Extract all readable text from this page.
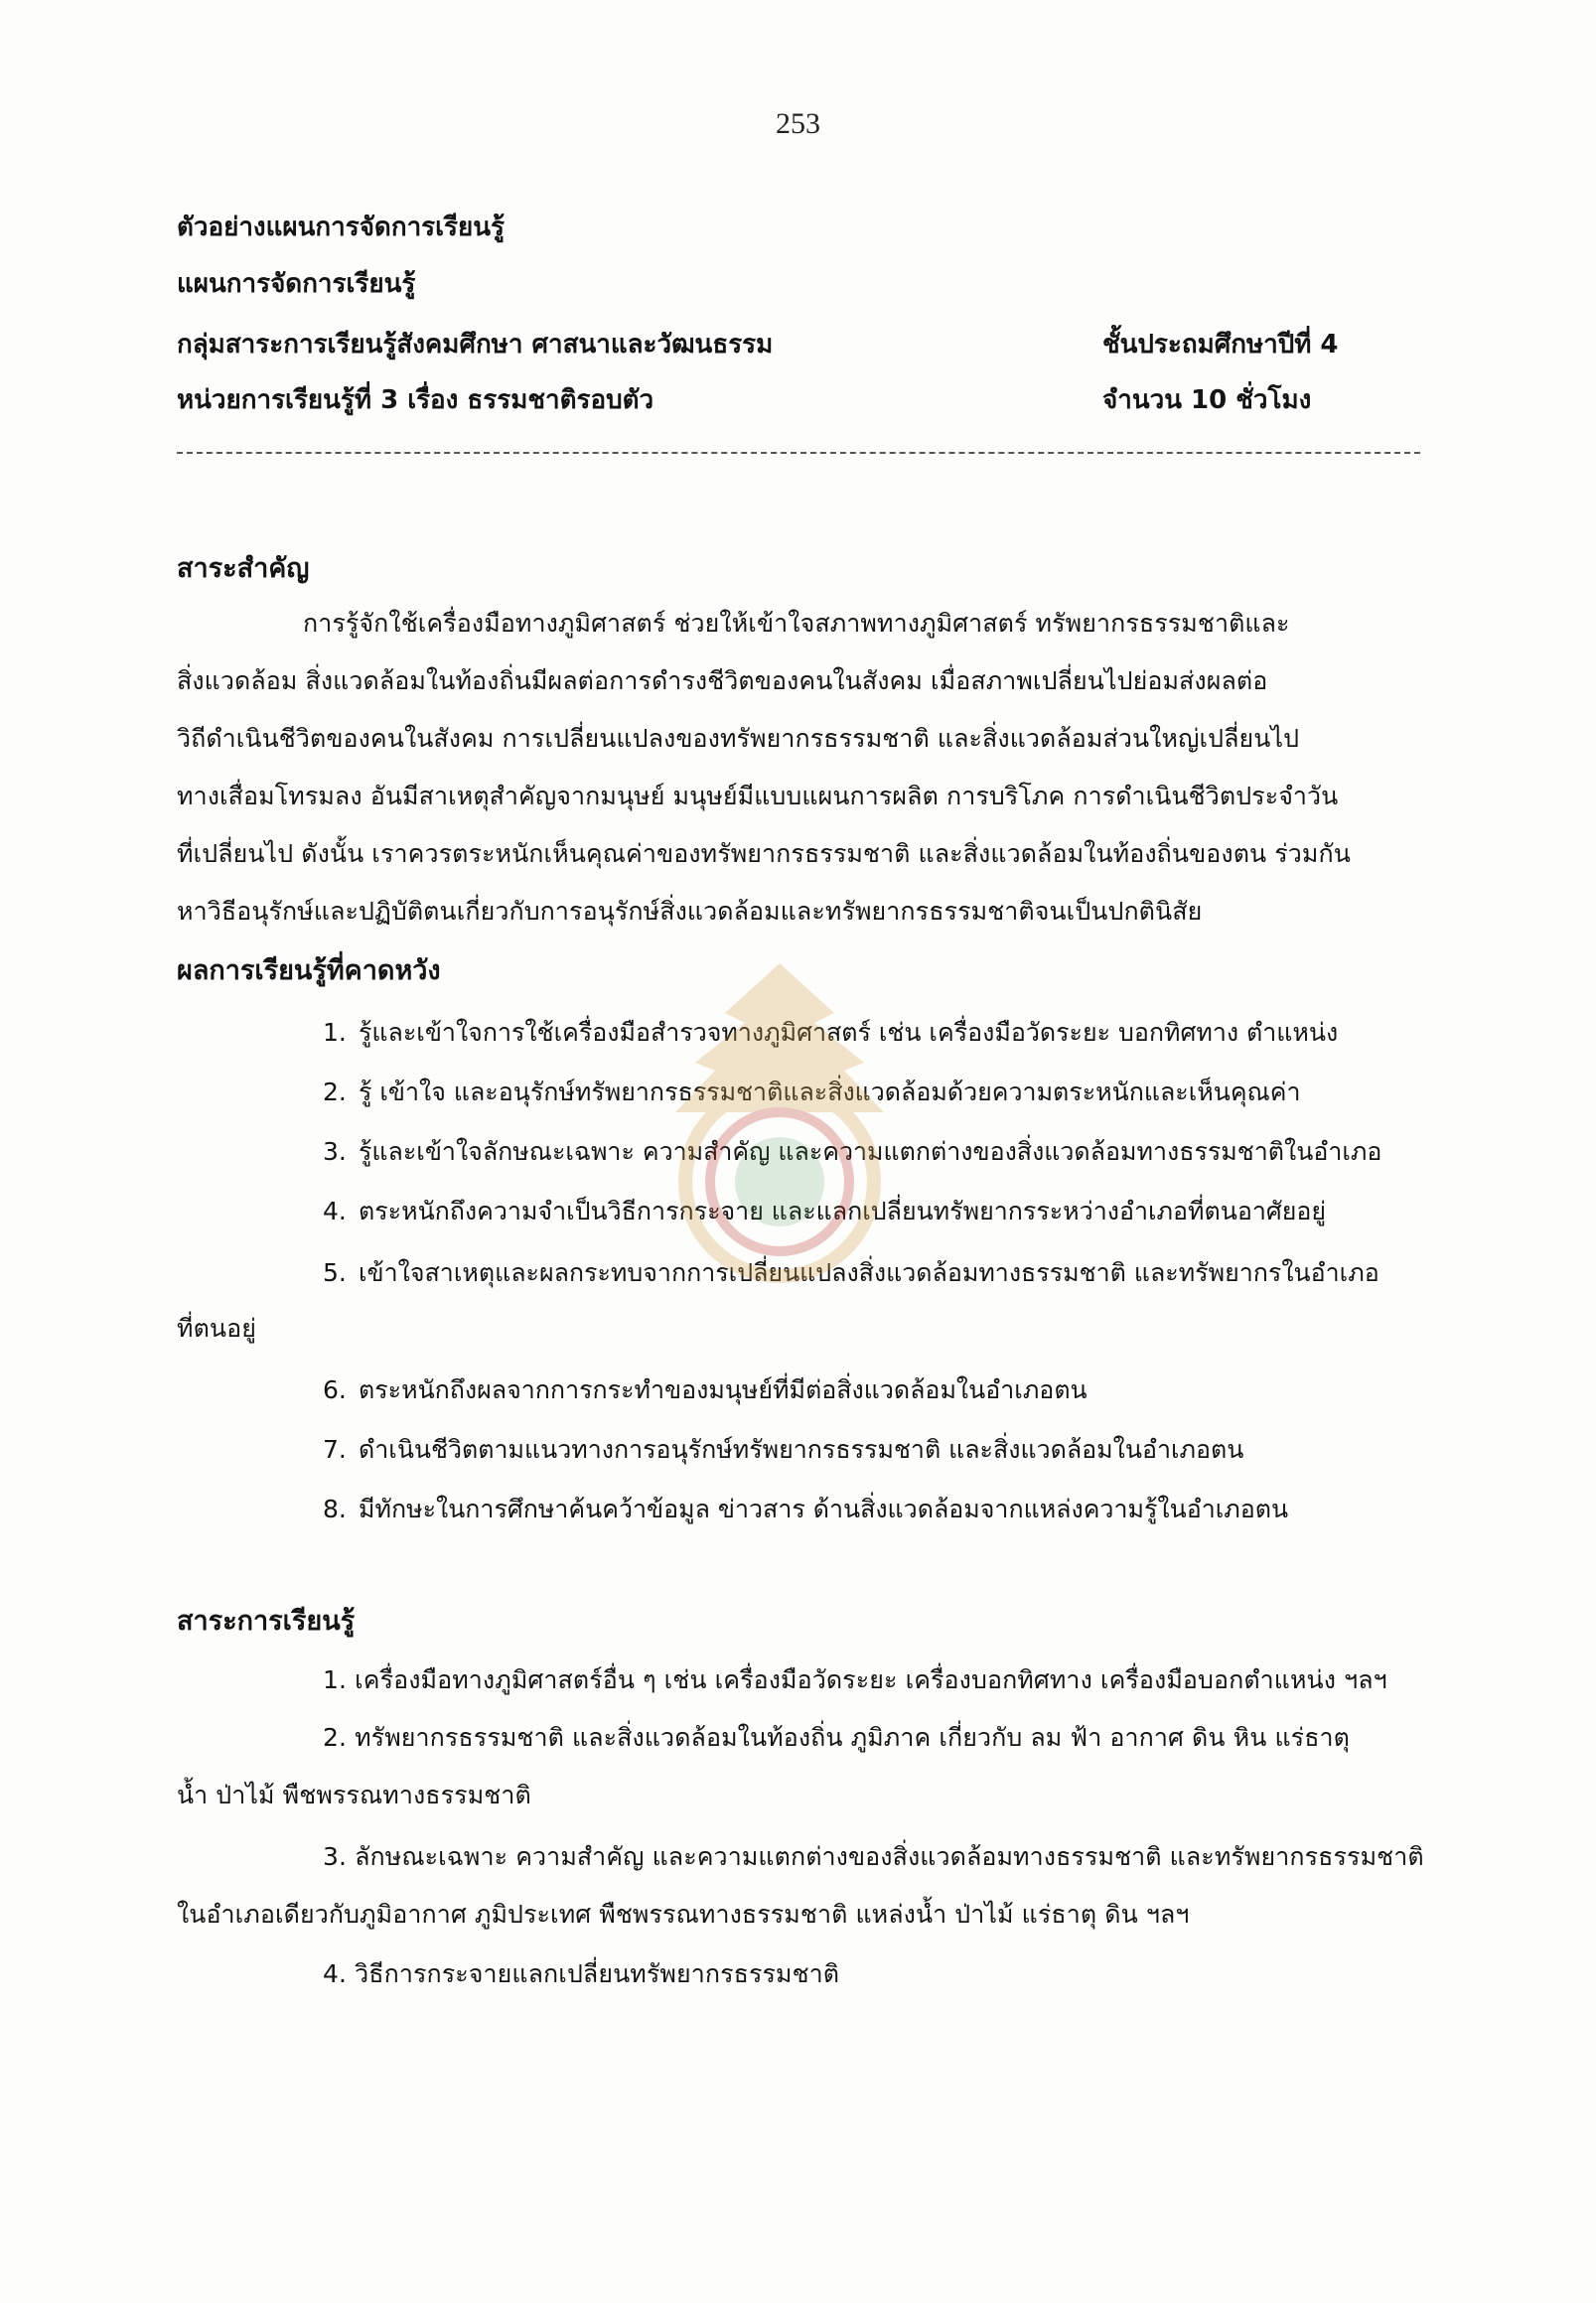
253
ตัวอย่างแผนการจัดการเรียนรู้
แผนการจัดการเรียนรู้
กลุ่มสาระการเรียนรู้สังคมศึกษา ศาสนาและวัฒนธรรม	ชั้นประถมศึกษาปีที่ 4
หน่วยการเรียนรู้ที่ 3 เรื่อง ธรรมชาติรอบตัว	จำนวน 10 ชั่วโมง
สาระสำคัญ
การรู้จักใช้เครื่องมือทางภูมิศาสตร์ ช่วยให้เข้าใจสภาพทางภูมิศาสตร์ ทรัพยากรธรรมชาติและ
สิ่งแวดล้อม สิ่งแวดล้อมในท้องถิ่นมีผลต่อการดำรงชีวิตของคนในสังคม เมื่อสภาพเปลี่ยนไปย่อมส่งผลต่อ
วิถีดำเนินชีวิตของคนในสังคม การเปลี่ยนแปลงของทรัพยากรธรรมชาติ และสิ่งแวดล้อมส่วนใหญ่เปลี่ยนไป
ทางเสื่อมโทรมลง อันมีสาเหตุสำคัญจากมนุษย์ มนุษย์มีแบบแผนการผลิต การบริโภค การดำเนินชีวิตประจำวัน
ที่เปลี่ยนไป ดังนั้น เราควรตระหนักเห็นคุณค่าของทรัพยากรธรรมชาติ และสิ่งแวดล้อมในท้องถิ่นของตน ร่วมกัน
หาวิธีอนุรักษ์และปฏิบัติตนเกี่ยวกับการอนุรักษ์สิ่งแวดล้อมและทรัพยากรธรรมชาติจนเป็นปกตินิสัย
ผลการเรียนรู้ที่คาดหวัง
1. รู้และเข้าใจการใช้เครื่องมือสำรวจทางภูมิศาสตร์ เช่น เครื่องมือวัดระยะ บอกทิศทาง ตำแหน่ง
2. รู้ เข้าใจ และอนุรักษ์ทรัพยากรธรรมชาติและสิ่งแวดล้อมด้วยความตระหนักและเห็นคุณค่า
3. รู้และเข้าใจลักษณะเฉพาะ ความสำคัญ และความแตกต่างของสิ่งแวดล้อมทางธรรมชาติในอำเภอ
4. ตระหนักถึงความจำเป็นวิธีการกระจาย และแลกเปลี่ยนทรัพยากรระหว่างอำเภอที่ตนอาศัยอยู่
5. เข้าใจสาเหตุและผลกระทบจากการเปลี่ยนแปลงสิ่งแวดล้อมทางธรรมชาติ และทรัพยากรในอำเภอ
ที่ตนอยู่
6. ตระหนักถึงผลจากการกระทำของมนุษย์ที่มีต่อสิ่งแวดล้อมในอำเภอตน
7. ดำเนินชีวิตตามแนวทางการอนุรักษ์ทรัพยากรธรรมชาติ และสิ่งแวดล้อมในอำเภอตน
8. มีทักษะในการศึกษาค้นคว้าข้อมูล ข่าวสาร ด้านสิ่งแวดล้อมจากแหล่งความรู้ในอำเภอตน
สาระการเรียนรู้
1. เครื่องมือทางภูมิศาสตร์อื่น ๆ เช่น เครื่องมือวัดระยะ เครื่องบอกทิศทาง เครื่องมือบอกตำแหน่ง ฯลฯ
2. ทรัพยากรธรรมชาติ และสิ่งแวดล้อมในท้องถิ่น ภูมิภาค เกี่ยวกับ ลม ฟ้า อากาศ ดิน หิน แร่ธาตุ
น้ำ ป่าไม้ พืชพรรณทางธรรมชาติ
3. ลักษณะเฉพาะ ความสำคัญ และความแตกต่างของสิ่งแวดล้อมทางธรรมชาติ และทรัพยากรธรรมชาติ
ในอำเภอเดียวกับภูมิอากาศ ภูมิประเทศ พืชพรรณทางธรรมชาติ แหล่งน้ำ ป่าไม้ แร่ธาตุ ดิน ฯลฯ
4. วิธีการกระจายแลกเปลี่ยนทรัพยากรธรรมชาติ
